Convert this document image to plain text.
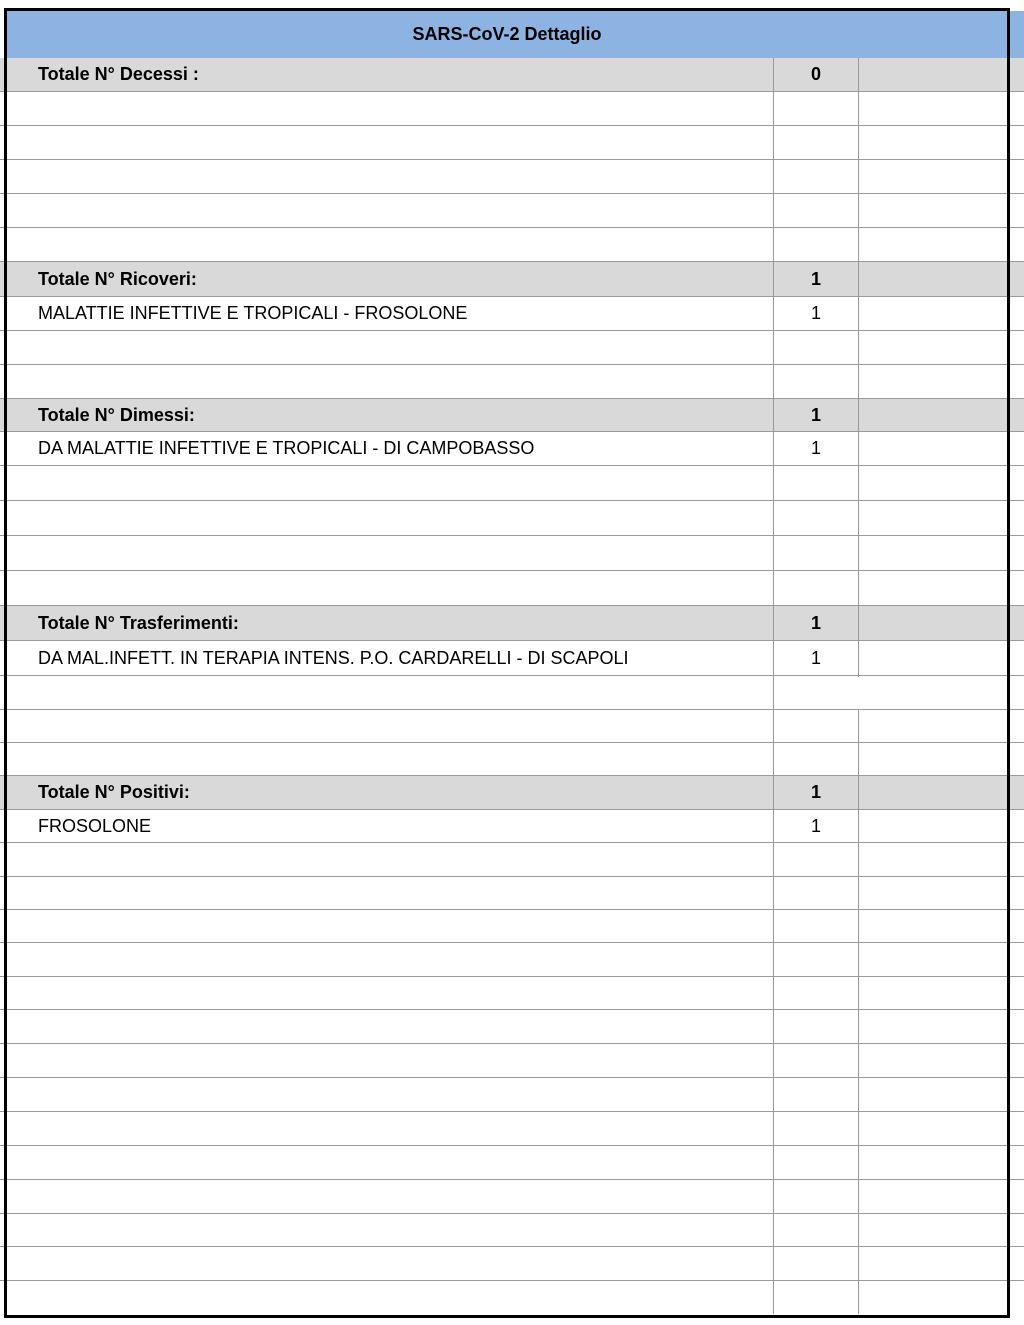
SARS-CoV-2 Dettaglio
Totale N° Decessi :	0
Totale N° Ricoveri:	1
MALATTIE INFETTIVE E TROPICALI - FROSOLONE	1
Totale N° Dimessi:	1
DA MALATTIE INFETTIVE E TROPICALI - DI CAMPOBASSO	1
Totale N° Trasferimenti:	1
DA MAL.INFETT. IN TERAPIA INTENS. P.O. CARDARELLI - DI SCAPOLI	1
Totale N° Positivi:	1
FROSOLONE	1
